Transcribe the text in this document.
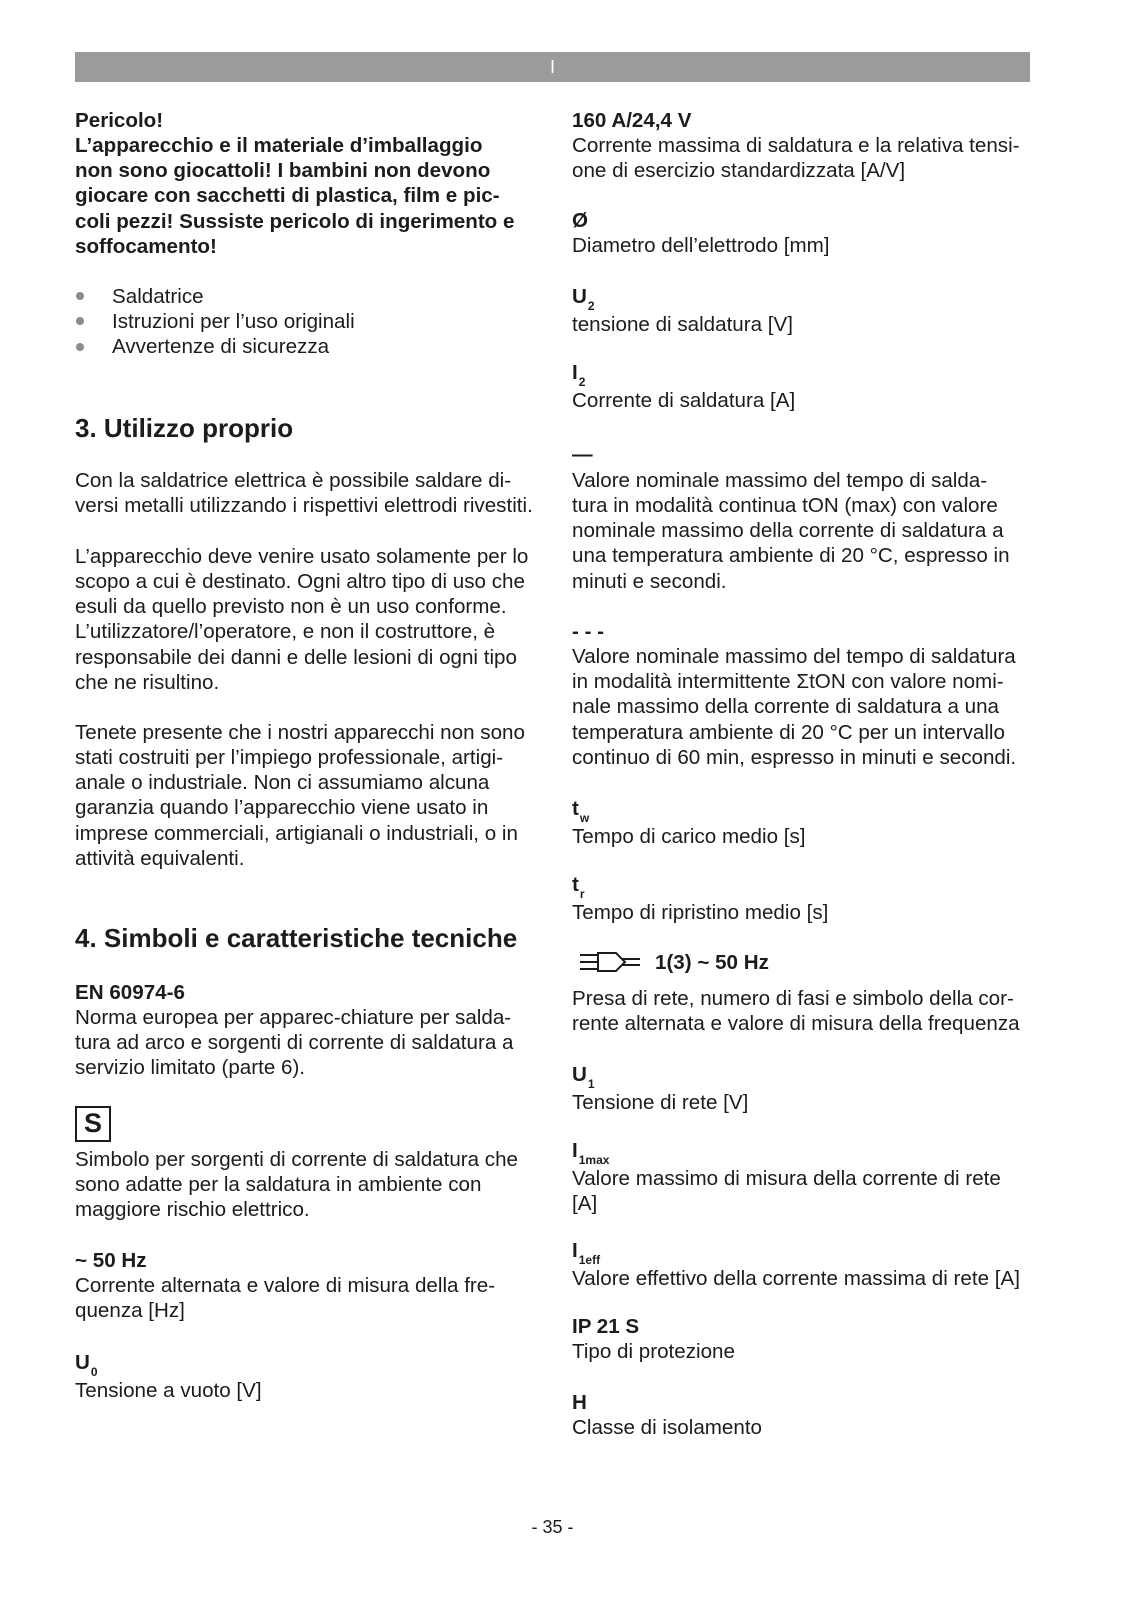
I
Pericolo!
L’apparecchio e il materiale d’imballaggio
non sono giocattoli! I bambini non devono
giocare con sacchetti di plastica, film e pic-
coli pezzi! Sussiste pericolo di ingerimento e
soffocamento!
Saldatrice
Istruzioni per l’uso originali
Avvertenze di sicurezza
3. Utilizzo proprio
Con la saldatrice elettrica è possibile saldare di-
versi metalli utilizzando i rispettivi elettrodi rivestiti.
L’apparecchio deve venire usato solamente per lo
scopo a cui è destinato. Ogni altro tipo di uso che
esuli da quello previsto non è un uso conforme.
L’utilizzatore/l’operatore, e non il costruttore, è
responsabile dei danni e delle lesioni di ogni tipo
che ne risultino.
Tenete presente che i nostri apparecchi non sono
stati costruiti per l’impiego professionale, artigi-
anale o industriale. Non ci assumiamo alcuna
garanzia quando l’apparecchio viene usato in
imprese commerciali, artigianali o industriali, o in
attività equivalenti.
4. Simboli e caratteristiche tecniche
EN 60974-6
Norma europea per apparec-chiature per salda-
tura ad arco e sorgenti di corrente di saldatura a
servizio limitato (parte 6).
S
Simbolo per sorgenti di corrente di saldatura che
sono adatte per la saldatura in ambiente con
maggiore rischio elettrico.
~ 50 Hz
Corrente alternata e valore di misura della fre-
quenza [Hz]
$U_0$
Tensione a vuoto [V]
160 A/24,4 V
Corrente massima di saldatura e la relativa tensi-
one di esercizio standardizzata [A/V]
Ø
Diametro dell’elettrodo [mm]
$U_2$
tensione di saldatura [V]
$I_2$
Corrente di saldatura [A]
—
Valore nominale massimo del tempo di salda-
tura in modalità continua tON (max) con valore
nominale massimo della corrente di saldatura a
una temperatura ambiente di 20 °C, espresso in
minuti e secondi.
- - -
Valore nominale massimo del tempo di saldatura
in modalità intermittente ΣtON con valore nomi-
nale massimo della corrente di saldatura a una
temperatura ambiente di 20 °C per un intervallo
continuo di 60 min, espresso in minuti e secondi.
$t_w$
Tempo di carico medio [s]
$t_r$
Tempo di ripristino medio [s]
1(3) ~ 50 Hz
Presa di rete, numero di fasi e simbolo della cor-
rente alternata e valore di misura della frequenza
$U_1$
Tensione di rete [V]
$I_{1max}$
Valore massimo di misura della corrente di rete
[A]
$I_{1eff}$
Valore effettivo della corrente massima di rete [A]
IP 21 S
Tipo di protezione
H
Classe di isolamento
- 35 -
